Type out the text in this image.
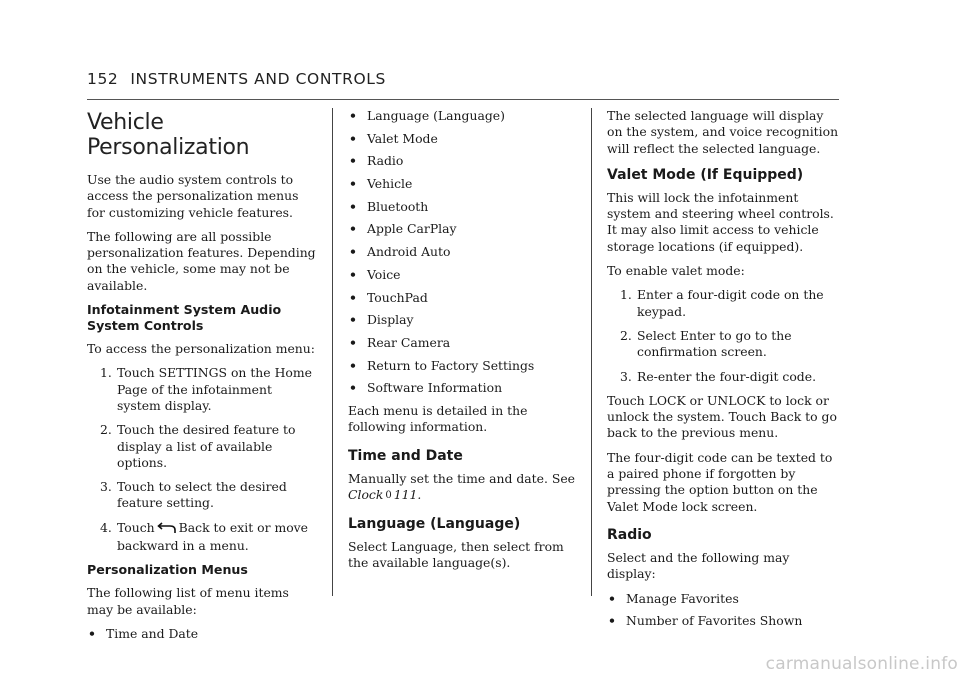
152 INSTRUMENTS AND CONTROLS
Vehicle Personalization

Use the audio system controls to access the personalization menus for customizing vehicle features.

The following are all possible personalization features. Depending on the vehicle, some may not be available.

Infotainment System Audio System Controls

To access the personalization menu:

1. Touch SETTINGS on the Home Page of the infotainment system display.
2. Touch the desired feature to display a list of available options.
3. Touch to select the desired feature setting.
4. Touch Back to exit or move backward in a menu.
Personalization Menus

The following list of menu items may be available:

• Time and Date
• Language (Language)
• Valet Mode
• Radio
• Vehicle
• Bluetooth
• Apple CarPlay
• Android Auto
• Voice
• TouchPad
• Display
• Rear Camera
• Return to Factory Settings
• Software Information

Each menu is detailed in the following information.

Time and Date

Manually set the time and date. See
Clock 0 111.

Language (Language)

Select Language, then select from the available language(s).

The selected language will display on the system, and voice recognition will reflect the selected language.

Valet Mode (If Equipped)

This will lock the infotainment system and steering wheel controls. It may also limit access to vehicle storage locations (if equipped).

To enable valet mode:

1. Enter a four-digit code on the keypad.
2. Select Enter to go to the confirmation screen.
3. Re-enter the four-digit code.

Touch LOCK or UNLOCK to lock or unlock the system. Touch Back to go back to the previous menu.

The four-digit code can be texted to a paired phone if forgotten by pressing the option button on the Valet Mode lock screen.

Radio

Select and the following may display:

• Manage Favorites
• Number of Favorites Shown
carmanualsonline.info
